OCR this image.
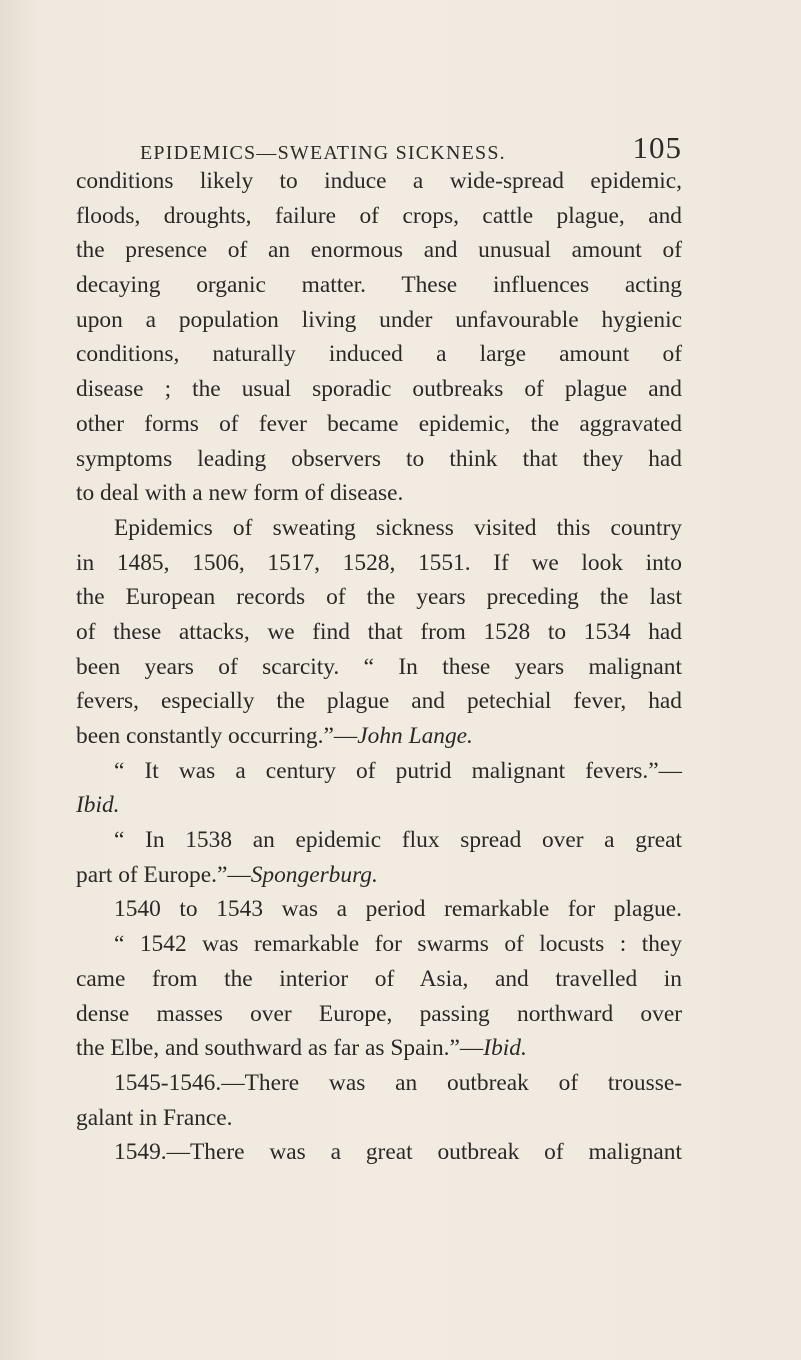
EPIDEMICS—SWEATING SICKNESS.	105
conditions likely to induce a wide-spread epidemic,
floods, droughts, failure of crops, cattle plague, and
the presence of an enormous and unusual amount of
decaying organic matter. These influences acting
upon a population living under unfavourable hygienic
conditions, naturally induced a large amount of
disease ; the usual sporadic outbreaks of plague and
other forms of fever became epidemic, the aggravated
symptoms leading observers to think that they had
to deal with a new form of disease.
Epidemics of sweating sickness visited this country
in 1485, 1506, 1517, 1528, 1551. If we look into
the European records of the years preceding the last
of these attacks, we find that from 1528 to 1534 had
been years of scarcity. “ In these years malignant
fevers, especially the plague and petechial fever, had
been constantly occurring.”—John Lange.
“ It was a century of putrid malignant fevers.”—
Ibid.
“ In 1538 an epidemic flux spread over a great
part of Europe.”—Spongerburg.
1540 to 1543 was a period remarkable for plague.
“ 1542 was remarkable for swarms of locusts : they
came from the interior of Asia, and travelled in
dense masses over Europe, passing northward over
the Elbe, and southward as far as Spain.”—Ibid.
1545-1546.—There was an outbreak of trousse-
galant in France.
1549.—There was a great outbreak of malignant
